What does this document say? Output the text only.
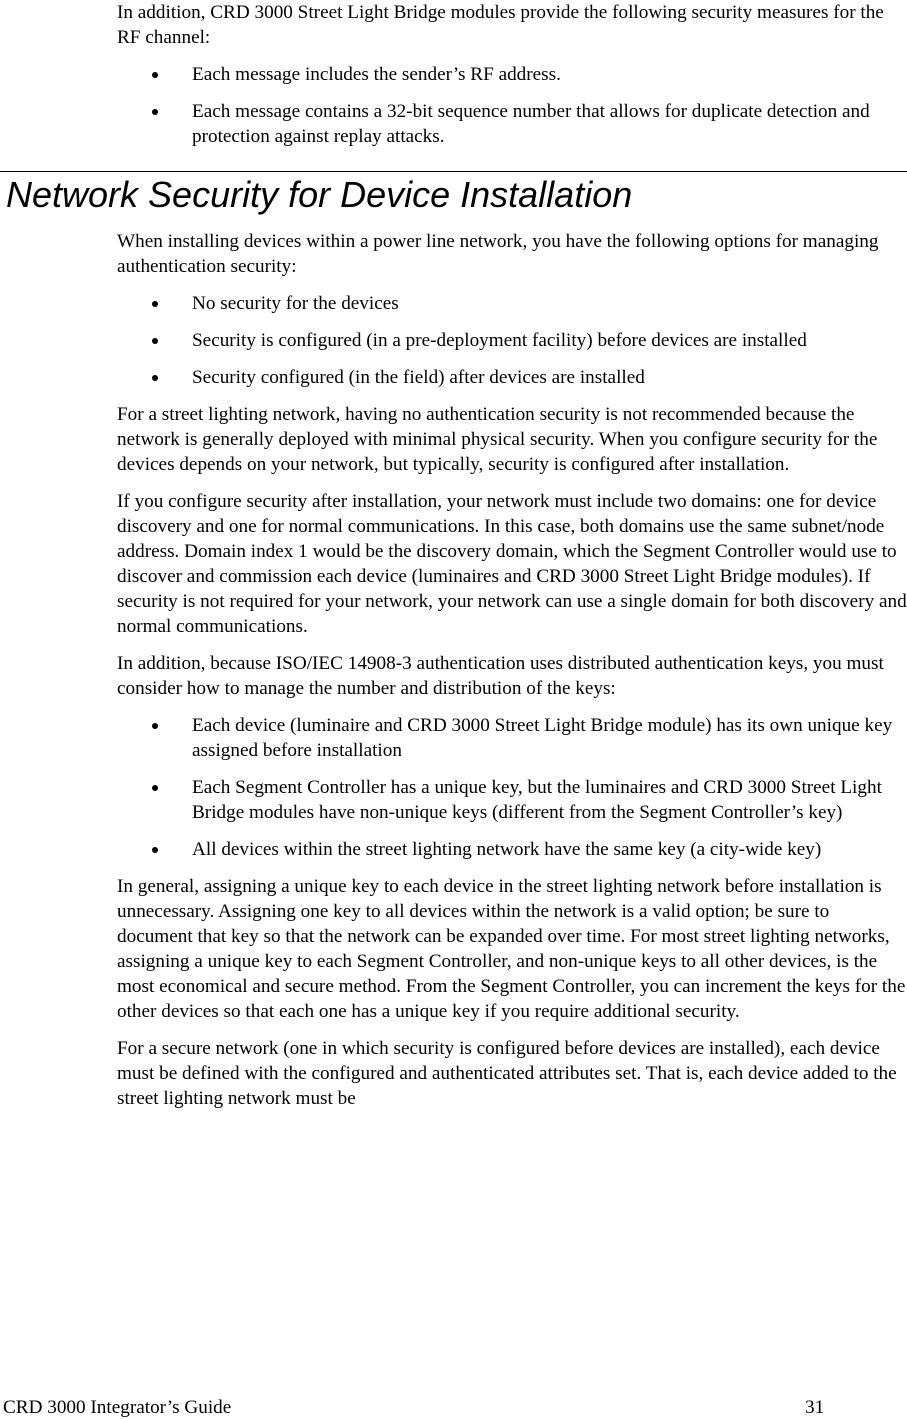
In addition, CRD 3000 Street Light Bridge modules provide the following security measures for the RF channel:

Each message includes the sender’s RF address.
Each message contains a 32-bit sequence number that allows for duplicate detection and protection against replay attacks.
Network Security for Device Installation

When installing devices within a power line network, you have the following options for managing authentication security:

No security for the devices
Security is configured (in a pre-deployment facility) before devices are installed
Security configured (in the field) after devices are installed

For a street lighting network, having no authentication security is not recommended because the network is generally deployed with minimal physical security. When you configure security for the devices depends on your network, but typically, security is configured after installation.

If you configure security after installation, your network must include two domains: one for device discovery and one for normal communications. In this case, both domains use the same subnet/node address. Domain index 1 would be the discovery domain, which the Segment Controller would use to discover and commission each device (luminaires and CRD 3000 Street Light Bridge modules). If security is not required for your network, your network can use a single domain for both discovery and normal communications.

In addition, because ISO/IEC 14908-3 authentication uses distributed authentication keys, you must consider how to manage the number and distribution of the keys:

Each device (luminaire and CRD 3000 Street Light Bridge module) has its own unique key assigned before installation
Each Segment Controller has a unique key, but the luminaires and CRD 3000 Street Light Bridge modules have non-unique keys (different from the Segment Controller’s key)
All devices within the street lighting network have the same key (a city-wide key)

In general, assigning a unique key to each device in the street lighting network before installation is unnecessary. Assigning one key to all devices within the network is a valid option; be sure to document that key so that the network can be expanded over time. For most street lighting networks, assigning a unique key to each Segment Controller, and non-unique keys to all other devices, is the most economical and secure method. From the Segment Controller, you can increment the keys for the other devices so that each one has a unique key if you require additional security.

For a secure network (one in which security is configured before devices are installed), each device must be defined with the configured and authenticated attributes set. That is, each device added to the street lighting network must be

CRD 3000 Integrator’s Guide	31
